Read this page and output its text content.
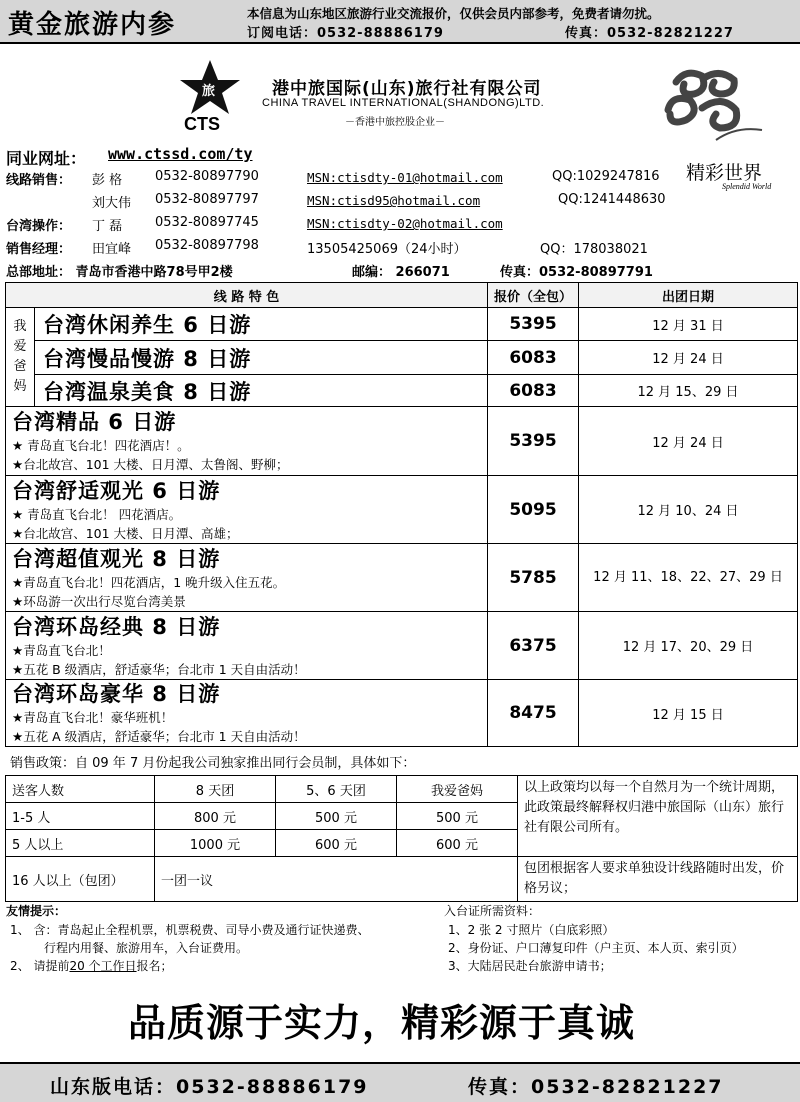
黄金旅游内参	本信息为山东地区旅游行业交流报价，仅供会员内部参考，免费者请勿扰。
订阅电话：0532-88886179	传真：0532-82821227
旅
CTS
港中旅国际(山东)旅行社有限公司
CHINA TRAVEL INTERNATIONAL(SHANDONG)LTD.
－香港中旅控股企业－
精彩世界
Splendid World
同业网址： www.ctssd.com/ty
线路销售： 彭 格	0532-80897790	MSN:ctisdty-01@hotmail.com	QQ:1029247816
刘大伟 0532-80897797	MSN:ctisd95@hotmail.com	QQ:1241448630
台湾操作： 丁 磊	0532-80897745	MSN:ctisdty-02@hotmail.com
销售经理： 田宜峰 0532-80897798	13505425069（24小时）	QQ：178038021
总部地址： 青岛市香港中路78号甲2楼	邮编： 266071	传真：0532-80897791
线 路 特 色		报价（全包）	出团日期

我爱爸妈	台湾休闲养生 6 日游	5395	12 月 31 日
	台湾慢品慢游 8 日游	6083	12 月 24 日
	台湾温泉美食 8 日游	6083	12 月 15、29 日

台湾精品 6 日游
★ 青岛直飞台北！四花酒店！。
★台北故宫、101 大楼、日月潭、太鲁阁、野柳；		5395	12 月 24 日

台湾舒适观光 6 日游
★ 青岛直飞台北！ 四花酒店。
★台北故宫、101 大楼、日月潭、高雄；		5095	12 月 10、24 日

台湾超值观光 8 日游
★青岛直飞台北！四花酒店，1 晚升级入住五花。
★环岛游一次出行尽览台湾美景		5785	12 月 11、18、22、27、29 日

台湾环岛经典 8 日游
★青岛直飞台北！
★五花 B 级酒店，舒适豪华；台北市 1 天自由活动！		6375	12 月 17、20、29 日

台湾环岛豪华 8 日游
★青岛直飞台北！豪华班机！
★五花 A 级酒店，舒适豪华；台北市 1 天自由活动！		8475	12 月 15 日
销售政策：自 09 年 7 月份起我公司独家推出同行会员制，具体如下：
送客人数	8 天团	5、6 天团	我爱爸妈	以上政策均以每一个自然月为一个统计周期，此政策最终解释权归港中旅国际（山东）旅行社有限公司所有。
1-5 人	800 元	500 元	500 元	
5 人以上	1000 元	600 元	600 元	
16 人以上（包团）	一团一议			包团根据客人要求单独设计线路随时出发，价格另议；
友情提示：
1、 含：青岛起止全程机票，机票税费、司导小费及通行证快递费、
行程内用餐、旅游用车，入台证费用。
2、 请提前20 个工作日报名；
入台证所需资料：
1、2 张 2 寸照片（白底彩照）
2、身份证、户口薄复印件（户主页、本人页、索引页）
3、大陆居民赴台旅游申请书；
品质源于实力，精彩源于真诚
山东版电话：0532-88886179	传真：0532-82821227
